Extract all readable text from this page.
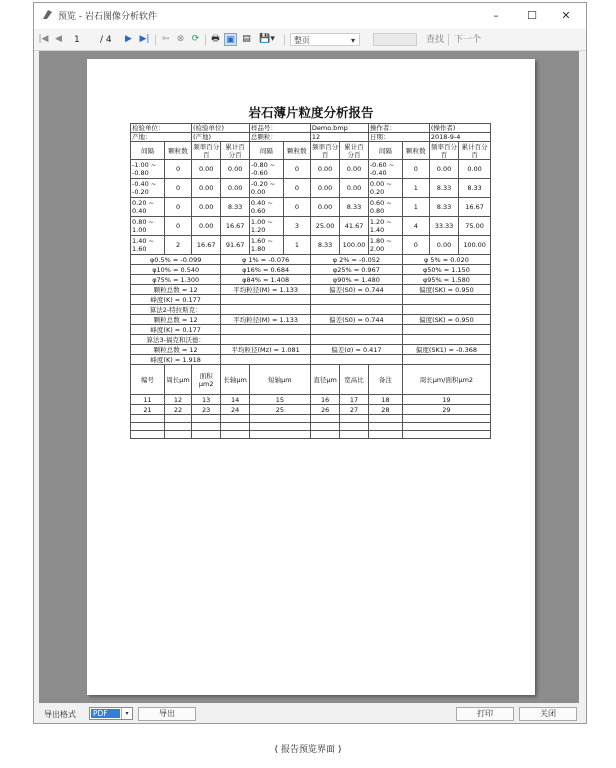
预览 - 岩石图像分析软件	–	☐	✕
|◀ ◀	1 / 4	▶ ▶|	⇦ ⊗ ⟳	🖶 ▣ ▤ 💾▾	整页	▾	查找 下一个
岩石薄片粒度分析报告
检验单位：		(检验单位)		样品号：		Demo.bmp		操作者：		(操作者)	
产地：		(产地)		总颗粒：		12		日期：		2018-9-4	
间隔	颗粒数	频率百分百	累计百分百	间隔	颗粒数	频率百分百	累计百分百	间隔	颗粒数	频率百分百	累计百分百
-1.00 ~ -0.80	0	0.00	0.00	-0.80 ~ -0.60	0	0.00	0.00	-0.60 ~ -0.40	0	0.00	0.00
-0.40 ~ -0.20	0	0.00	0.00	-0.20 ~ 0.00	0	0.00	0.00	0.00 ~ 0.20	1	8.33	8.33
0.20 ~ 0.40	0	0.00	8.33	0.40 ~ 0.60	0	0.00	8.33	0.60 ~ 0.80	1	8.33	16.67
0.80 ~ 1.00	0	0.00	16.67	1.00 ~ 1.20	3	25.00	41.67	1.20 ~ 1.40	4	33.33	75.00
1.40 ~ 1.60	2	16.67	91.67	1.60 ~ 1.80	1	8.33	100.00	1.80 ~ 2.00	0	0.00	100.00
φ0.5% = -0.099			φ 1% = -0.076			φ 2% = -0.052			φ 5% = 0.020		
φ10% = 0.540			φ16% = 0.684			φ25% = 0.967			φ50% = 1.150		
φ75% = 1.300			φ84% = 1.408			φ90% = 1.480			φ95% = 1.580		
颗粒总数 = 12			平均粒径(M) = 1.133			偏差(S0) = 0.744			偏度(SK) = 0.950		
峰度(K) = 0.177											
算法2-特拉斯克：											
颗粒总数 = 12			平均粒径(M) = 1.133			偏差(S0) = 0.744			偏度(SK) = 0.950		
峰度(K) = 0.177											
算法3-福克和沃德：											
颗粒总数 = 12			平均粒径(Mz) = 1.081			偏差(σ) = 0.417			偏度(SK1) = -0.368		
峰度(K) = 1.918											
编号	周长μm	面积μm2	长轴μm	短轴μm		直径μm	宽高比	备注	周长μm/面积μm2		
11	12	13	14	15		16	17	18	19		
21	22	23	24	25		26	27	28	29		

导出格式 PDF	▾	导出	打印	关闭
( 报告预览界面 )
